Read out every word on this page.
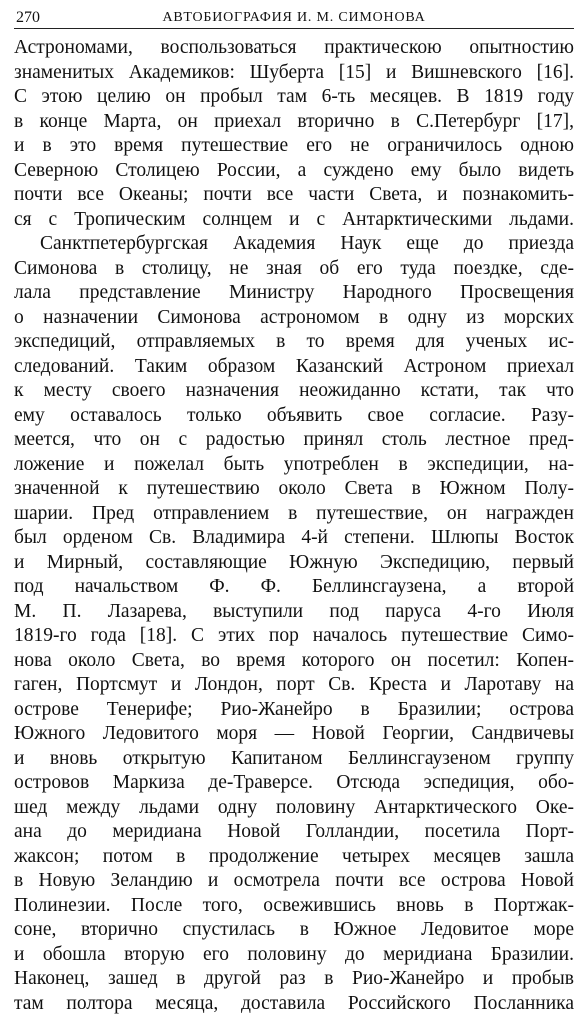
270	АВТОБИОГРАФИЯ И. М. СИМОНОВА
Астрономами, воспользоваться практическою опытностию
знаменитых Академиков: Шуберта [15] и Вишневского [16].
С этою целию он пробыл там 6-ть месяцев. В 1819 году
в конце Марта, он приехал вторично в С.Петербург [17],
и в это время путешествие его не ограничилось одною
Северною Столицею России, а суждено ему было видеть
почти все Океаны; почти все части Света, и познакомить-
ся с Тропическим солнцем и с Антарктическими льдами.
Санктпетербургская Академия Наук еще до приезда
Симонова в столицу, не зная об его туда поездке, сде-
лала представление Министру Народного Просвещения
о назначении Симонова астрономом в одну из морских
экспедиций, отправляемых в то время для ученых ис-
следований. Таким образом Казанский Астроном приехал
к месту своего назначения неожиданно кстати, так что
ему оставалось только объявить свое согласие. Разу-
меется, что он с радостью принял столь лестное пред-
ложение и пожелал быть употреблен в экспедиции, на-
значенной к путешествию около Света в Южном Полу-
шарии. Пред отправлением в путешествие, он награжден
был орденом Св. Владимира 4-й степени. Шлюпы Восток
и Мирный, составляющие Южную Экспедицию, первый
под начальством Ф. Ф. Беллинсгаузена, а второй
М. П. Лазарева, выступили под паруса 4-го Июля
1819-го года [18]. С этих пор началось путешествие Симо-
нова около Света, во время которого он посетил: Копен-
гаген, Портсмут и Лондон, порт Св. Креста и Ларотаву на
острове Тенерифе; Рио-Жанейро в Бразилии; острова
Южного Ледовитого моря — Новой Георгии, Сандвичевы
и вновь открытую Капитаном Беллинсгаузеном группу
островов Маркиза де-Траверсе. Отсюда эспедиция, обо-
шед между льдами одну половину Антарктического Оке-
ана до меридиана Новой Голландии, посетила Порт-
жаксон; потом в продолжение четырех месяцев зашла
в Новую Зеландию и осмотрела почти все острова Новой
Полинезии. После того, освежившись вновь в Портжак-
соне, вторично спустилась в Южное Ледовитое море
и обошла вторую его половину до меридиана Бразилии.
Наконец, зашед в другой раз в Рио-Жанейро и пробыв
там полтора месяца, доставила Российского Посланника
